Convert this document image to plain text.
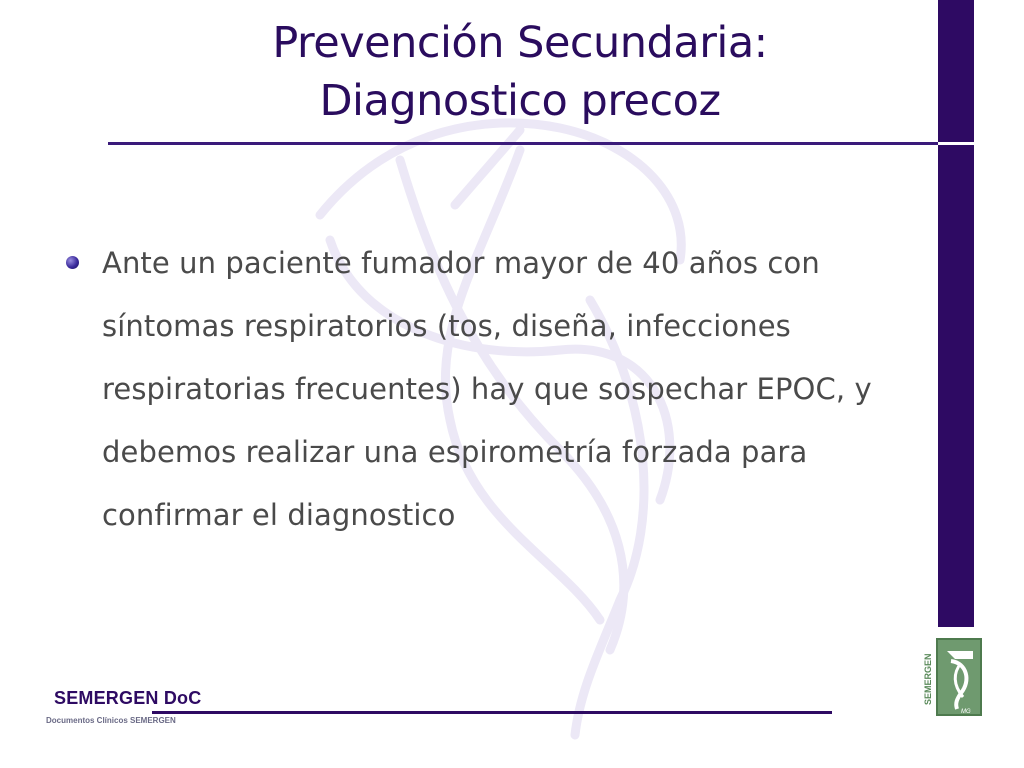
Prevención Secundaria:
Diagnostico precoz
Ante un paciente fumador mayor de 40 años con
síntomas respiratorios (tos, diseña, infecciones
respiratorias frecuentes) hay que sospechar EPOC, y
debemos realizar una espirometría forzada para
confirmar el diagnostico
SEMERGEN DoC
Documentos Clínicos SEMERGEN
SEMERGEN
MG
